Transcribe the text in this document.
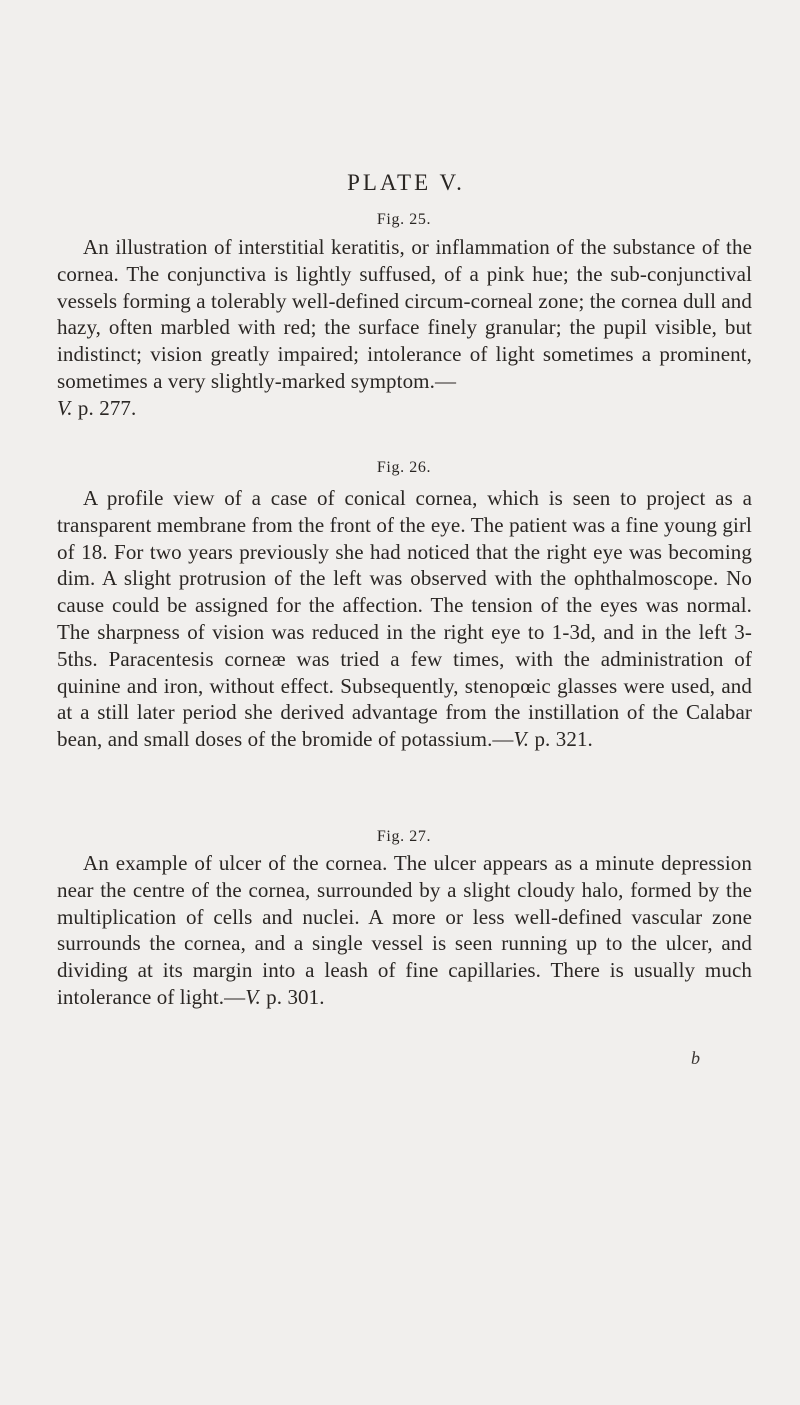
PLATE V.
Fig. 25.

An illustration of interstitial keratitis, or inflammation of the substance of the cornea. The conjunctiva is lightly suffused, of a pink hue; the sub-conjunctival vessels forming a tolerably well-defined circum-corneal zone; the cornea dull and hazy, often marbled with red; the surface finely granular; the pupil visible, but indistinct; vision greatly impaired; intolerance of light sometimes a prominent, sometimes a very slightly-marked symptom.—
V. p. 277.

Fig. 26.

A profile view of a case of conical cornea, which is seen to project as a transparent membrane from the front of the eye. The patient was a fine young girl of 18. For two years previously she had noticed that the right eye was becoming dim. A slight protrusion of the left was observed with the ophthalmoscope. No cause could be assigned for the affection. The tension of the eyes was normal. The sharpness of vision was reduced in the right eye to 1-3d, and in the left 3-5ths. Paracentesis corneæ was tried a few times, with the administration of quinine and iron, without effect. Subsequently, stenopœic glasses were used, and at a still later period she derived advantage from the instillation of the Calabar bean, and small doses of the bromide of potassium.—V. p. 321.

Fig. 27.

An example of ulcer of the cornea. The ulcer appears as a minute depression near the centre of the cornea, surrounded by a slight cloudy halo, formed by the multiplication of cells and nuclei. A more or less well-defined vascular zone surrounds the cornea, and a single vessel is seen running up to the ulcer, and dividing at its margin into a leash of fine capillaries. There is usually much intolerance of light.—V. p. 301.

b
